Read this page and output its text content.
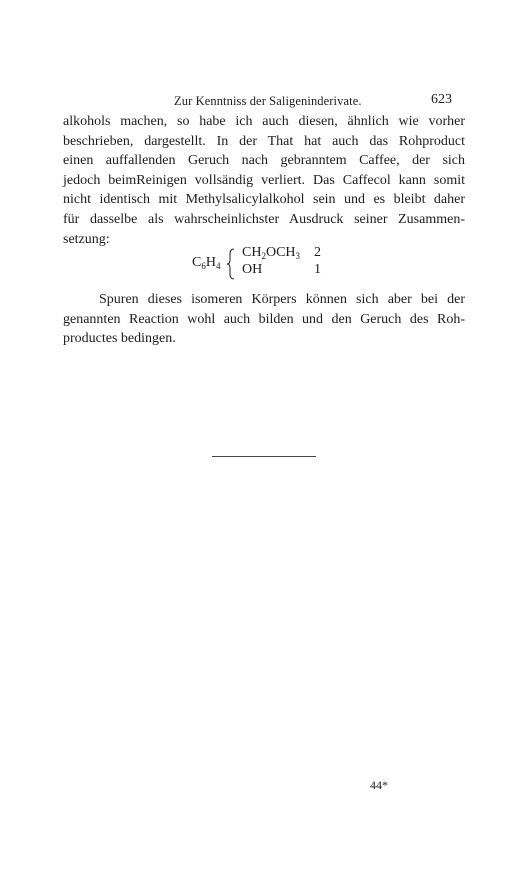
Zur Kenntniss der Saligeninderivate.	623
alkohols machen, so habe ich auch diesen, ähnlich wie vorher
beschrieben, dargestellt. In der That hat auch das Rohproduct
einen auffallenden Geruch nach gebranntem Caffee, der sich
jedoch beimReinigen vollsändig verliert. Das Caffecol kann somit
nicht identisch mit Methylsalicylalkohol sein und es bleibt daher
für dasselbe als wahrscheinlichster Ausdruck seiner Zusammen-
setzung:
$C_6H_4$
$CH_2OCH_3$ 2
OH	1
Spuren dieses isomeren Körpers können sich aber bei der
genannten Reaction wohl auch bilden und den Geruch des Roh-
productes bedingen.
44*
